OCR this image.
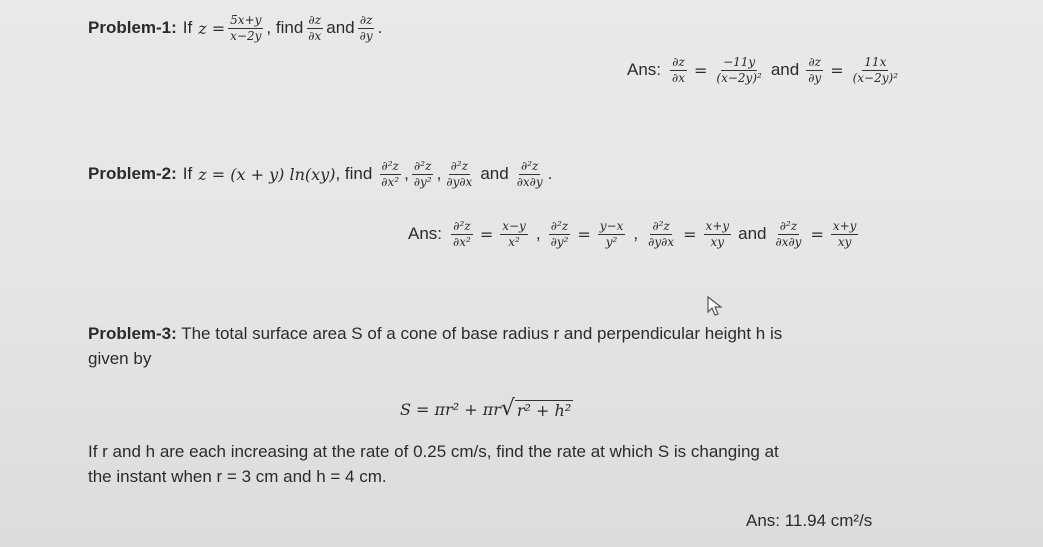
Problem-1: If $z = \frac{5x+y}{x-2y}$ , find $\frac{\partial z}{\partial x}$ and $\frac{\partial z}{\partial y}$ .
Ans: $\frac{\partial z}{\partial x} = \frac{-11y}{\text{(x−2y)²}}$ and $\frac{\partial z}{\partial y} = \frac{11x}{\text{(x−2y)²}}$
Problem-2: If z = (x + y) ln(xy) , find $\frac{\text{∂²z}}{\text{∂x²}}$ , $\frac{\text{∂²z}}{\text{∂y²}}$ , $\frac{\text{∂²z}}{\partial y\partial x}$ and $\frac{\text{∂²z}}{\partial x\partial y}$ .
Ans: $\frac{\text{∂²z}}{\text{∂x²}} = \frac{x-y}{\text{x²}}$ , $\frac{\text{∂²z}}{\text{∂y²}} = \frac{y-x}{\text{y²}}$ , $\frac{\text{∂²z}}{\partial y\partial x} = \frac{x+y}{xy}$ and $\frac{\text{∂²z}}{\partial x\partial y} = \frac{x+y}{xy}$
Problem-3: The total surface area S of a cone of base radius r and perpendicular height h is
given by
S = πr² + πr √ r² + h²
If r and h are each increasing at the rate of 0.25 cm/s, find the rate at which S is changing at
the instant when r = 3 cm and h = 4 cm.
Ans: 11.94 cm²/s
